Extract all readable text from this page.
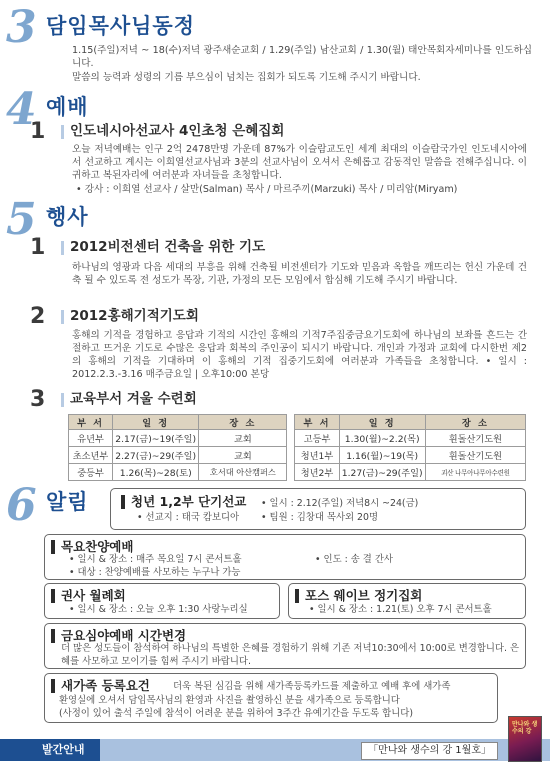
3 담임목사님동정
1.15(주일)저녁 ~ 18(수)저녁 광주새순교회 / 1.29(주일) 남산교회 / 1.30(월) 태안목회자세미나를 인도하십니다.
말씀의 능력과 성령의 기름 부으심이 넘치는 집회가 되도록 기도해 주시기 바랍니다.
4 예배
1 인도네시아선교사 4인초청 은혜집회
오늘 저녁예배는 인구 2억 2478만명 가운데 87%가 이슬람교도인 세계 최대의 이슬람국가인 인도네시아에서 선교하고 계시는 이희열선교사님과 3분의 선교사님이 오셔서 은혜롭고 감동적인 말씀을 전해주십니다. 이 귀하고 복된자리에 여러분과 자녀들을 초청합니다.
• 강사 : 이희열 선교사 / 살만(Salman) 목사 / 마르주끼(Marzuki) 목사 / 미리암(Miryam)
5 행사
1 2012비전센터 건축을 위한 기도
하나님의 영광과 다음 세대의 부흥을 위해 건축될 비전센터가 기도와 믿음과 옥합을 깨뜨리는 헌신 가운데 건축 될 수 있도록 전 성도가 목장, 기관, 가정의 모든 모임에서 합심해 기도해 주시기 바랍니다.
2 2012홍해기적기도회
홍해의 기적을 경험하고 응답과 기적의 시간인 홍해의 기적7주집중금요기도회에 하나님의 보좌를 흔드는 간절하고 뜨거운 기도로 수많은 응답과 회복의 주인공이 되시기 바랍니다. 개인과 가정과 교회에 다시한번 제2의 홍해의 기적을 기대하며 이 홍해의 기적 집중기도회에 여러분과 가족들을 초청합니다. • 일시 : 2012.2.3.-3.16 매주금요일 | 오후10:00 본당
3 교육부서 겨울 수련회
부 서	일 정	장 소		부 서	일 정	장 소
유년부	2.17(금)~19(주일)	교회		고등부	1.30(월)~2.2(목)	휜돌산기도원
초소년부	2.27(금)~29(주일)	교회		청년1부	1.16(월)~19(목)	휜돌산기도원
중등부	1.26(목)~28(토)	호서대 아산캠퍼스		청년2부	1.27(금)~29(주일)	괴산 나무아나무아수련원
6 알림	청년 1,2부 단기선교
• 선교지 : 태국 캄보디아
• 일시 : 2.12(주일) 저녁8시 ~24(금)
• 팀원 : 김창대 목사외 20명
목요찬양예배
• 일시 & 장소 : 매주 목요일 7시 콘서트홀	• 인도 : 송 결 간사
• 대상 : 찬양예배를 사모하는 누구나 가능
권사 월례회
• 일시 & 장소 : 오늘 오후 1:30 사랑누리실
포스 웨이브 정기집회
• 일시 & 장소 : 1.21(토) 오후 7시 콘서트홀
금요심야예배 시간변경
더 많은 성도들이 참석하여 하나님의 특별한 은혜를 경험하기 위해 기존 저녁10:30에서 10:00로 변경합니다. 은혜를 사모하고 모이기를 힘써 주시기 바랍니다.
새가족 등록요건 더욱 복된 심김을 위해 새가족등록카드를 제출하고 예배 후에 새가족
환영실에 오셔서 담임목사님의 환영과 사진을 촬영하신 분을 새가족으로 등록합니다
(사정이 있어 출석 주일에 참석이 어려운 분을 위하여 3주간 유예기간을 두도록 합니다)
발간안내	「만나와 생수의 강 1월호」
만나와 생수의 강
